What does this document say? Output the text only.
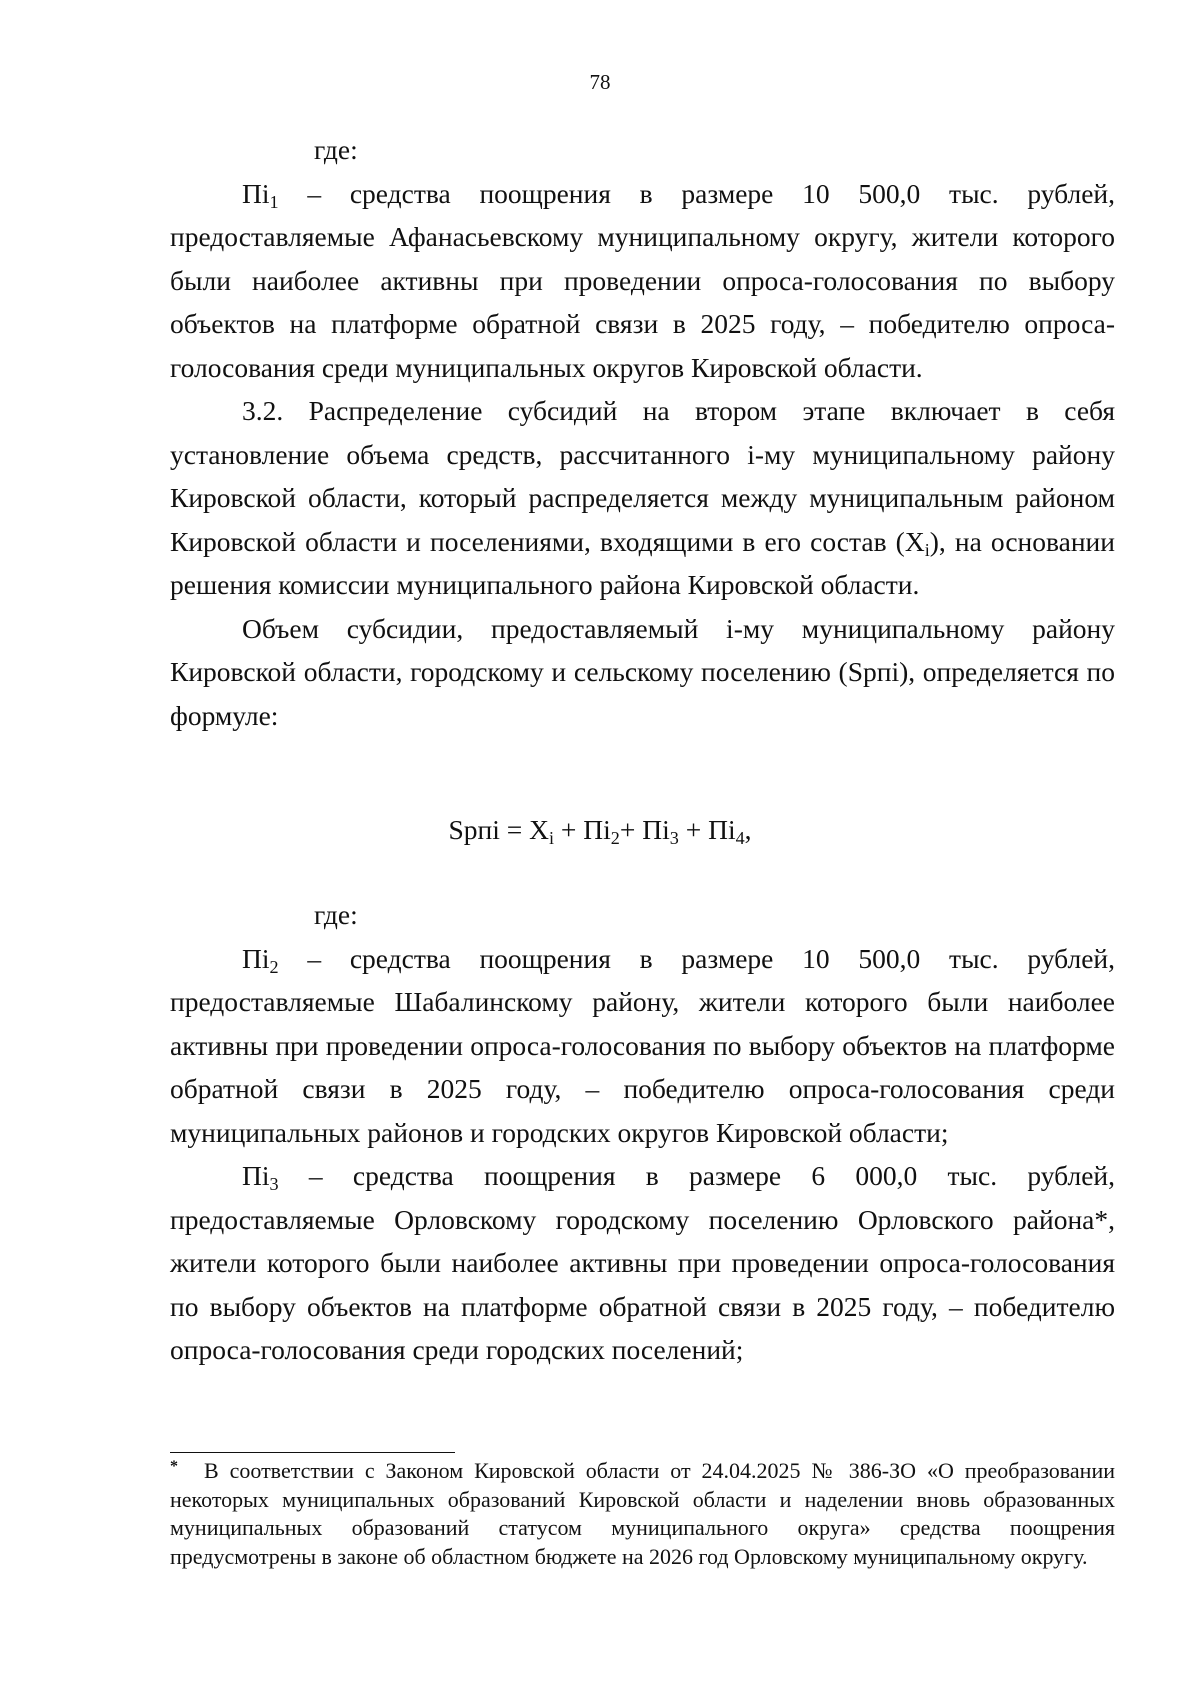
78

где:

$Пі_1$ – средства поощрения в размере 10 500,0 тыс. рублей, предоставляемые Афанасьевскому муниципальному округу, жители которого были наиболее активны при проведении опроса-голосования по выбору объектов на платформе обратной связи в 2025 году, – победителю опроса-голосования среди муниципальных округов Кировской области.

3.2. Распределение субсидий на втором этапе включает в себя установление объема средств, рассчитанного і-му муниципальному району Кировской области, который распределяется между муниципальным районом Кировской области и поселениями, входящими в его состав $(X_i)$, на основании решения комиссии муниципального района Кировской области.

Объем субсидии, предоставляемый і-му муниципальному району Кировской области, городскому и сельскому поселению (Spпі), определяется по формуле:

Spпі = $X_i + Пі_2+ Пі_3 + Пі_4$,

где:

$Пі_2$ – средства поощрения в размере 10 500,0 тыс. рублей, предоставляемые Шабалинскому району, жители которого были наиболее активны при проведении опроса-голосования по выбору объектов на платформе обратной связи в 2025 году, – победителю опроса-голосования среди муниципальных районов и городских округов Кировской области;

$Пі_3$ – средства поощрения в размере 6 000,0 тыс. рублей, предоставляемые Орловскому городскому поселению Орловского района*, жители которого были наиболее активны при проведении опроса-голосования по выбору объектов на платформе обратной связи в 2025 году, – победителю опроса-голосования среди городских поселений;

*	В соответствии с Законом Кировской области от 24.04.2025 № 386-ЗО «О преобразовании некоторых муниципальных образований Кировской области и наделении вновь образованных муниципальных образований статусом муниципального округа» средства поощрения предусмотрены в законе об областном бюджете на 2026 год Орловскому муниципальному округу.
